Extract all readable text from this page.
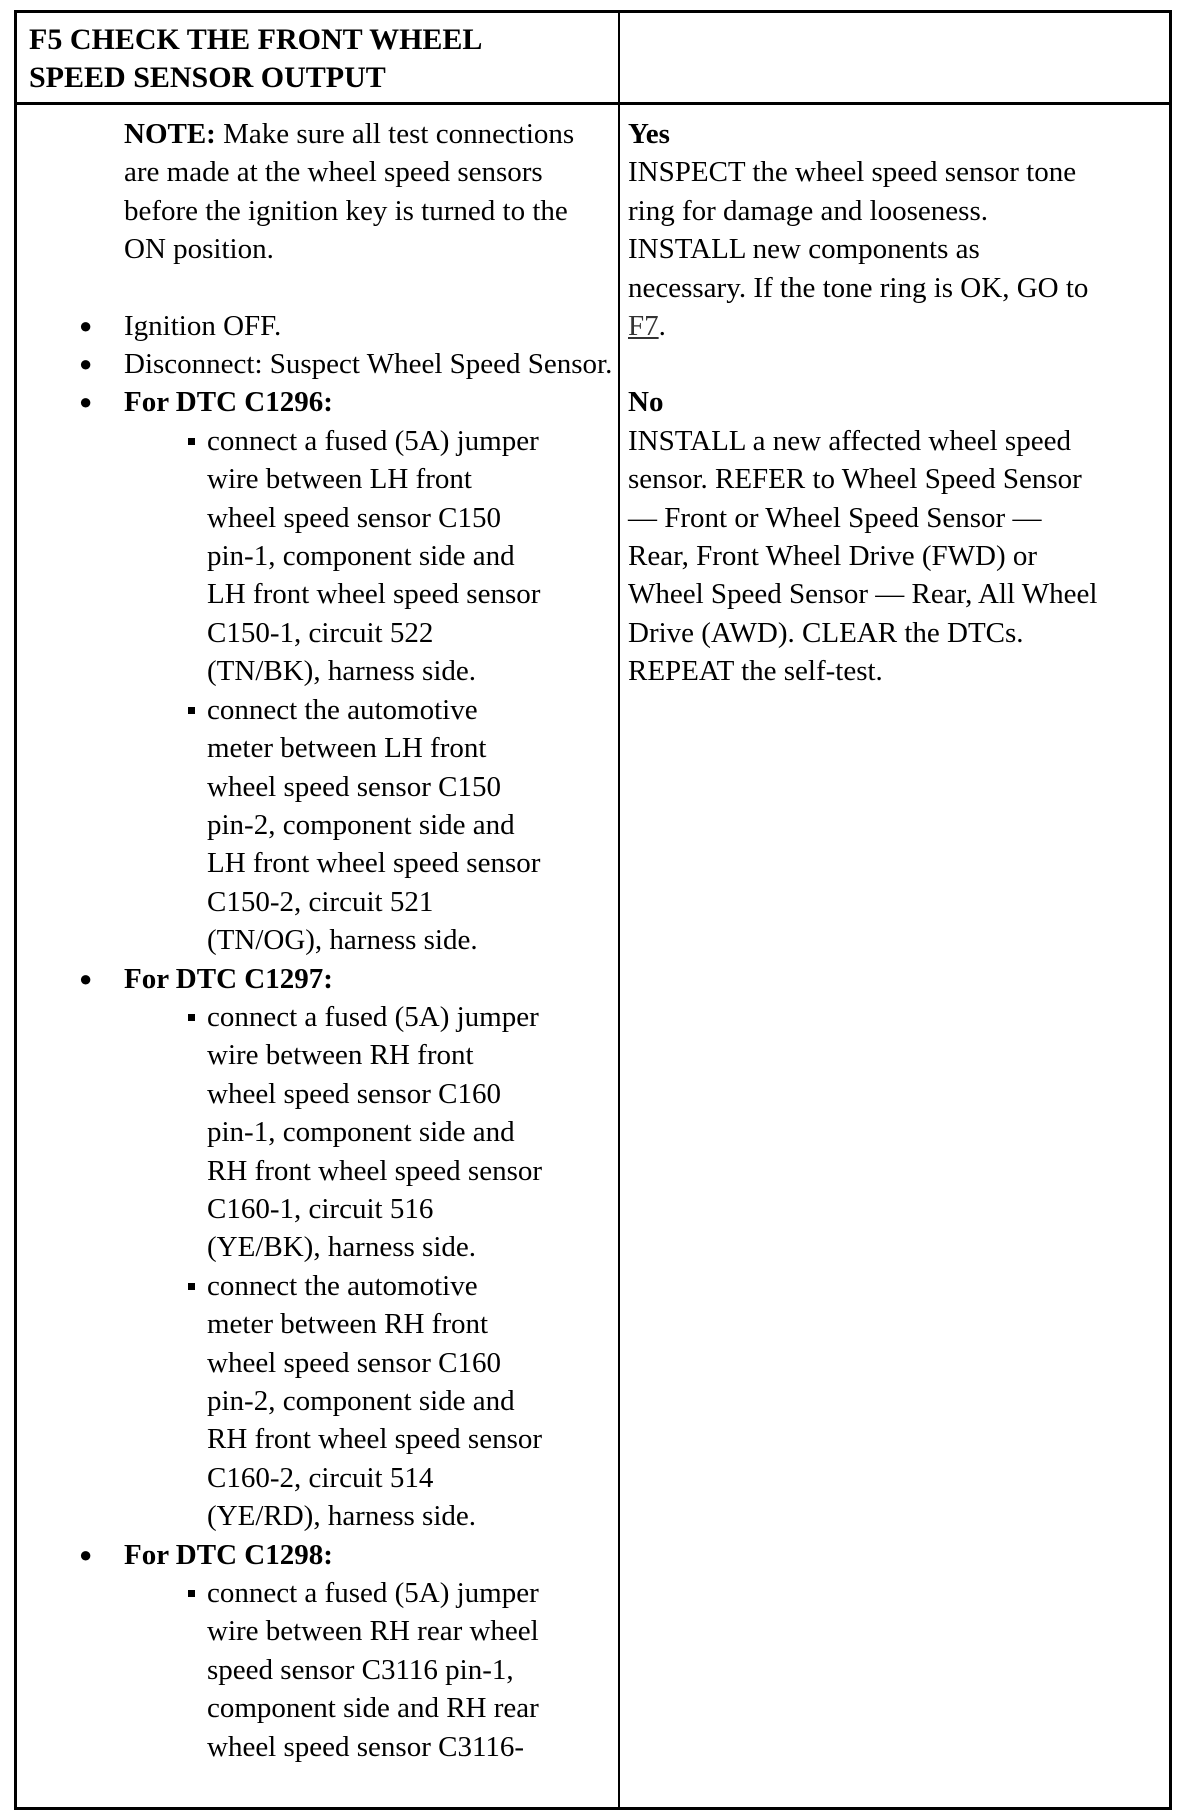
F5 CHECK THE FRONT WHEEL
SPEED SENSOR OUTPUT

NOTE: Make sure all test connections are made at the wheel speed sensors before the ignition key is turned to the ON position.
● Ignition OFF.
● Disconnect: Suspect Wheel Speed Sensor.
● For DTC C1296:
connect a fused (5A) jumper wire between LH front wheel speed sensor C150 pin-1, component side and LH front wheel speed sensor C150-1, circuit 522 (TN/BK), harness side.
connect the automotive meter between LH front wheel speed sensor C150 pin-2, component side and LH front wheel speed sensor C150-2, circuit 521 (TN/OG), harness side.
● For DTC C1297:
connect a fused (5A) jumper wire between RH front wheel speed sensor C160 pin-1, component side and RH front wheel speed sensor C160-1, circuit 516 (YE/BK), harness side.
connect the automotive meter between RH front wheel speed sensor C160 pin-2, component side and RH front wheel speed sensor C160-2, circuit 514 (YE/RD), harness side.
● For DTC C1298:
connect a fused (5A) jumper wire between RH rear wheel speed sensor C3116 pin-1, component side and RH rear wheel speed sensor C3116-
Yes
INSPECT the wheel speed sensor tone ring for damage and looseness. INSTALL new components as necessary. If the tone ring is OK, GO to F7.
No
INSTALL a new affected wheel speed sensor. REFER to Wheel Speed Sensor — Front or Wheel Speed Sensor — Rear, Front Wheel Drive (FWD) or Wheel Speed Sensor — Rear, All Wheel Drive (AWD). CLEAR the DTCs. REPEAT the self-test.
